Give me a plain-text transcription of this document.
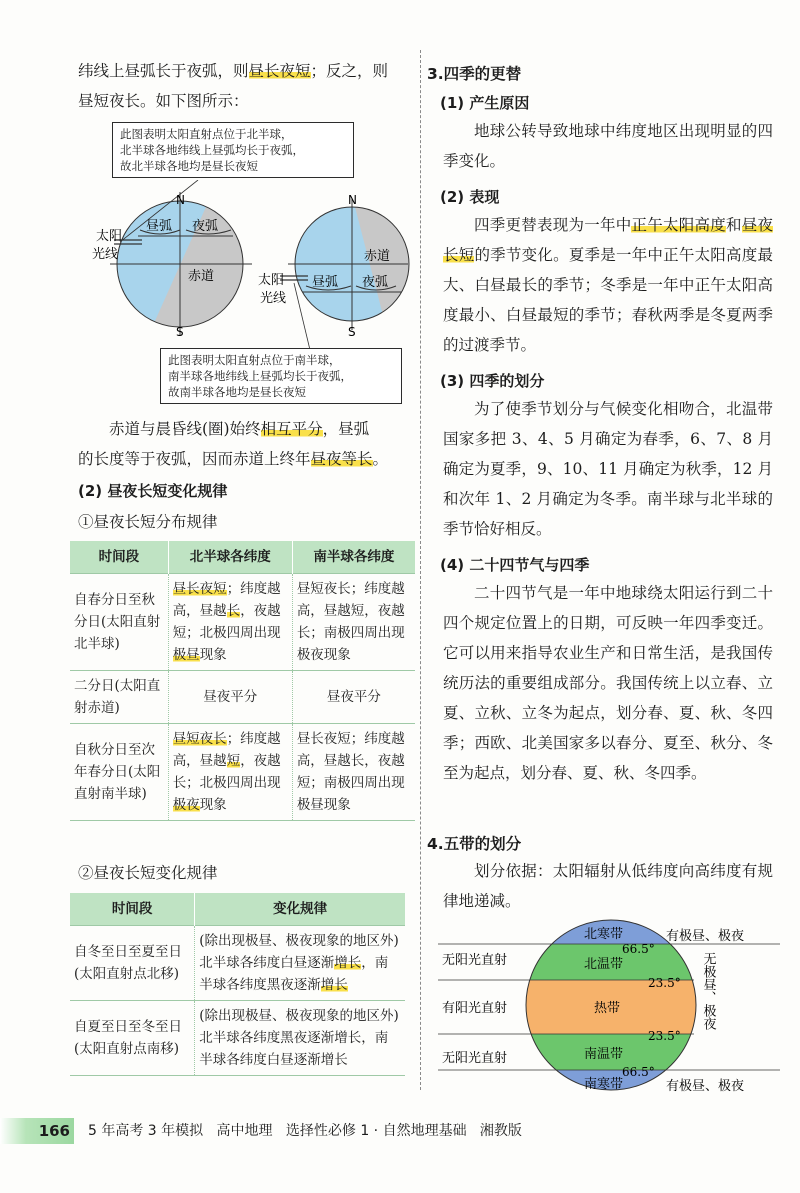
纬线上昼弧长于夜弧，则昼长夜短；反之，则
昼短夜长。如下图所示：
此图表明太阳直射点位于北半球，
北半球各地纬线上昼弧均长于夜弧，
故北半球各地均是昼长夜短
N
S
昼弧 夜弧
赤道
太阳
光线
N
S
昼弧 夜弧
赤道
太阳
光线
此图表明太阳直射点位于南半球，
南半球各地纬线上昼弧均长于夜弧，
故南半球各地均是昼长夜短
赤道与晨昏线(圈)始终相互平分，昼弧
的长度等于夜弧，因而赤道上终年昼夜等长。
(2) 昼夜长短变化规律
①昼夜长短分布规律
时间段	北半球各纬度	南半球各纬度
自春分日至秋分日(太阳直射北半球)	昼长夜短；纬度越高，昼越长，夜越短；北极四周出现极昼现象	昼短夜长；纬度越高，昼越短，夜越长；南极四周出现极夜现象
二分日(太阳直射赤道)	昼夜平分	昼夜平分
自秋分日至次年春分日(太阳直射南半球)	昼短夜长；纬度越高，昼越短，夜越长；北极四周出现极夜现象	昼长夜短；纬度越高，昼越长，夜越短；南极四周出现极昼现象
②昼夜长短变化规律
时间段	变化规律
自冬至日至夏至日(太阳直射点北移)	(除出现极昼、极夜现象的地区外)北半球各纬度白昼逐渐增长，南半球各纬度黑夜逐渐增长
自夏至日至冬至日(太阳直射点南移)	(除出现极昼、极夜现象的地区外)北半球各纬度黑夜逐渐增长，南半球各纬度白昼逐渐增长
3.四季的更替
(1) 产生原因
地球公转导致地球中纬度地区出现明显的四季变化。
(2) 表现
四季更替表现为一年中正午太阳高度和昼夜长短的季节变化。夏季是一年中正午太阳高度最大、白昼最长的季节；冬季是一年中正午太阳高度最小、白昼最短的季节；春秋两季是冬夏两季的过渡季节。
(3) 四季的划分
为了使季节划分与气候变化相吻合，北温带国家多把 3、4、5 月确定为春季，6、7、8 月确定为夏季，9、10、11 月确定为秋季，12 月和次年 1、2 月确定为冬季。南半球与北半球的季节恰好相反。
(4) 二十四节气与四季
二十四节气是一年中地球绕太阳运行到二十四个规定位置上的日期，可反映一年四季变迁。它可以用来指导农业生产和日常生活，是我国传统历法的重要组成部分。我国传统上以立春、立夏、立秋、立冬为起点，划分春、夏、秋、冬四季；西欧、北美国家多以春分、夏至、秋分、冬至为起点，划分春、夏、秋、冬四季。
4.五带的划分
划分依据：太阳辐射从低纬度向高纬度有规律地递减。
北寒带
北温带
热带
南温带
南寒带
66.5°
23.5°
23.5°
66.5°
无阳光直射
有阳光直射
无阳光直射
有极昼、极夜
有极昼、极夜
无极昼、极夜
166 5 年高考 3 年模拟   高中地理   选择性必修 1 · 自然地理基础   湘教版
